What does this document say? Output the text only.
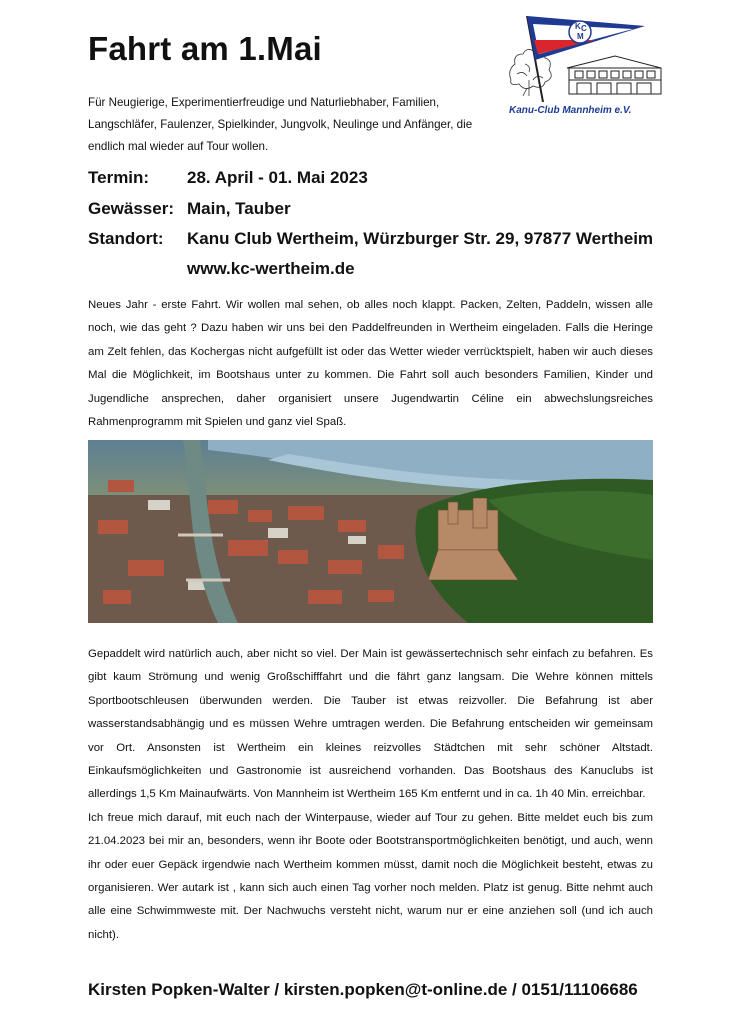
Fahrt am 1.Mai
Für Neugierige, Experimentierfreudige und Naturliebhaber, Familien, Langschläfer, Faulenzer, Spielkinder, Jungvolk, Neulinge und Anfänger, die endlich mal wieder auf Tour wollen.
K C
M
Kanu-Club Mannheim e.V.
Termin: 28. April - 01. Mai 2023
Gewässer: Main, Tauber
Standort: Kanu Club Wertheim, Würzburger Str. 29, 97877 Wertheim
www.kc-wertheim.de

Neues Jahr - erste Fahrt. Wir wollen mal sehen, ob alles noch klappt. Packen, Zelten, Paddeln, wissen alle noch, wie das geht ? Dazu haben wir uns bei den Paddelfreunden in Wertheim eingeladen. Falls die Heringe am Zelt fehlen, das Kochergas nicht aufgefüllt ist oder das Wetter wieder verrücktspielt, haben wir auch dieses Mal die Möglichkeit, im Bootshaus unter zu kommen. Die Fahrt soll auch besonders Familien, Kinder und Jugendliche ansprechen, daher organisiert unsere Jugendwartin Céline ein abwechslungsreiches Rahmenprogramm mit Spielen und ganz viel Spaß.

Gepaddelt wird natürlich auch, aber nicht so viel. Der Main ist gewässertechnisch sehr einfach zu befahren. Es gibt kaum Strömung und wenig Großschifffahrt und die fährt ganz langsam. Die Wehre können mittels Sportbootschleusen überwunden werden. Die Tauber ist etwas reizvoller. Die Befahrung ist aber wasserstandsabhängig und es müssen Wehre umtragen werden. Die Befahrung entscheiden wir gemeinsam vor Ort. Ansonsten ist Wertheim ein kleines reizvolles Städtchen mit sehr schöner Altstadt. Einkaufsmöglichkeiten und Gastronomie ist ausreichend vorhanden. Das Bootshaus des Kanuclubs ist allerdings 1,5 Km Mainaufwärts. Von Mannheim ist Wertheim 165 Km entfernt und in ca. 1h 40 Min. erreichbar.

Ich freue mich darauf, mit euch nach der Winterpause, wieder auf Tour zu gehen. Bitte meldet euch bis zum 21.04.2023 bei mir an, besonders, wenn ihr Boote oder Bootstransportmöglichkeiten benötigt, und auch, wenn ihr oder euer Gepäck irgendwie nach Wertheim kommen müsst, damit noch die Möglichkeit besteht, etwas zu organisieren. Wer autark ist , kann sich auch einen Tag vorher noch melden. Platz ist genug. Bitte nehmt auch alle eine Schwimmweste mit. Der Nachwuchs versteht nicht, warum nur er eine anziehen soll (und ich auch nicht).

Kirsten Popken-Walter / kirsten.popken@t-online.de / 0151/11106686
